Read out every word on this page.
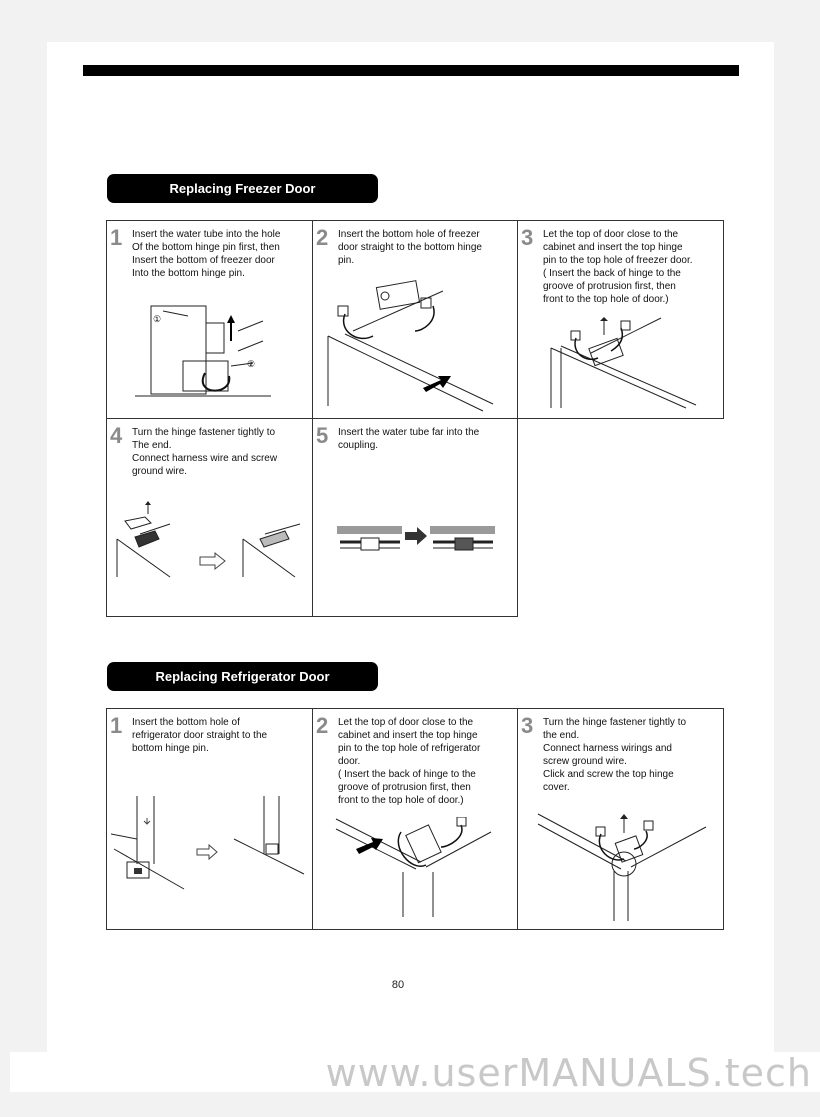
Replacing Freezer Door
1 Insert the water tube into the hole
Of the bottom hinge pin first, then
Insert the bottom of freezer door
Into the bottom hinge pin.
①
②
2 Insert the bottom hole of freezer
door straight to the bottom hinge
pin.
3 Let the top of door close to the
cabinet and insert the top hinge
pin to the top hole of freezer door.
( Insert the back of hinge to the
groove of protrusion first, then
front to the top hole of door.)
4 Turn the hinge fastener tightly to
The end.
Connect harness wire and screw
ground wire.
5 Insert the water tube far into the
coupling.
Replacing Refrigerator Door
1 Insert the bottom hole of
refrigerator door straight to the
bottom hinge pin.
2 Let the top of door close to the
cabinet and insert the top hinge
pin to the top hole of refrigerator
door.
( Insert the back of hinge to the
groove of protrusion first, then
front to the top hole of door.)
3 Turn the hinge fastener tightly to
the end.
Connect harness wirings and
screw ground wire.
Click and screw the top hinge
cover.
80
www.userMANUALS.tech
